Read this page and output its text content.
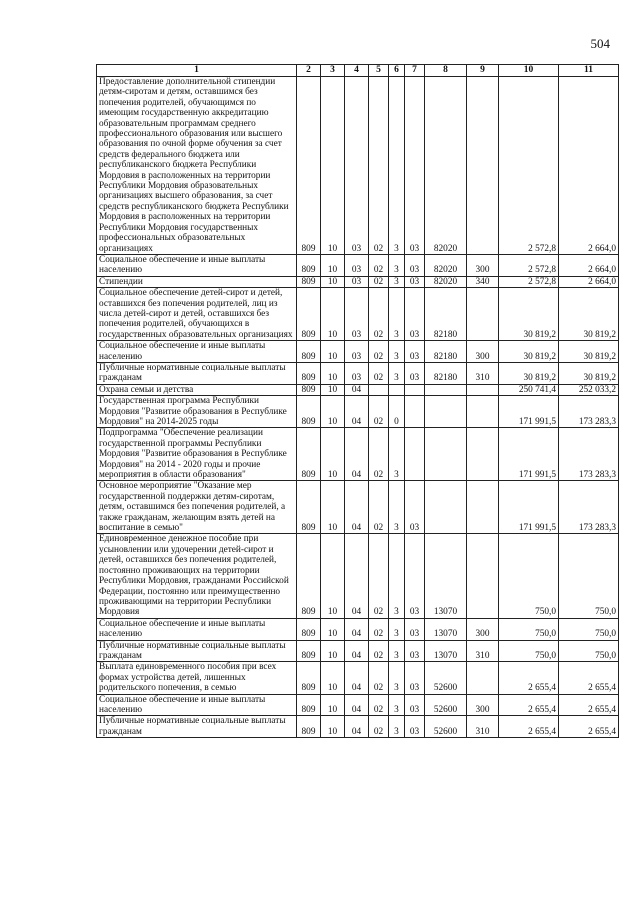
504
1	2	3	4	5	6	7	8	9	10	11
Предоставление дополнительной стипендии детям-сиротам и детям, оставшимся без попечения родителей, обучающимся по имеющим государственную аккредитацию образовательным программам среднего профессионального образования или высшего образования по очной форме обучения за счет средств федерального бюджета или республиканского бюджета Республики Мордовия в расположенных на территории Республики Мордовия образовательных организациях высшего образования, за счет средств республиканского бюджета Республики Мордовия в расположенных на территории Республики Мордовия государственных профессиональных образовательных организациях	809	10	03	02	3	03	82020		2 572,8	2 664,0
Социальное обеспечение и иные выплаты населению	809	10	03	02	3	03	82020	300	2 572,8	2 664,0
Стипендии	809	10	03	02	3	03	82020	340	2 572,8	2 664,0
Социальное обеспечение детей-сирот и детей, оставшихся без попечения родителей, лиц из числа детей-сирот и детей, оставшихся без попечения родителей, обучающихся в государственных образовательных организациях	809	10	03	02	3	03	82180		30 819,2	30 819,2
Социальное обеспечение и иные выплаты населению	809	10	03	02	3	03	82180	300	30 819,2	30 819,2
Публичные нормативные социальные выплаты гражданам	809	10	03	02	3	03	82180	310	30 819,2	30 819,2
Охрана семьи и детства	809	10	04						250 741,4	252 033,2
Государственная программа Республики Мордовия "Развитие образования в Республике Мордовия" на 2014-2025 годы	809	10	04	02	0				171 991,5	173 283,3
Подпрограмма "Обеспечение реализации государственной программы Республики Мордовия "Развитие образования в Республике Мордовия" на 2014 - 2020 годы и прочие мероприятия в области образования"	809	10	04	02	3				171 991,5	173 283,3
Основное мероприятие "Оказание мер государственной поддержки детям-сиротам, детям, оставшимся без попечения родителей, а также гражданам, желающим взять детей на воспитание в семью"	809	10	04	02	3	03			171 991,5	173 283,3
Единовременное денежное пособие при усыновлении или удочерении детей-сирот и детей, оставшихся без попечения родителей, постоянно проживающих на территории Республики Мордовия, гражданами Российской Федерации, постоянно или преимущественно проживающими на территории Республики Мордовия	809	10	04	02	3	03	13070		750,0	750,0
Социальное обеспечение и иные выплаты населению	809	10	04	02	3	03	13070	300	750,0	750,0
Публичные нормативные социальные выплаты гражданам	809	10	04	02	3	03	13070	310	750,0	750,0
Выплата единовременного пособия при всех формах устройства детей, лишенных родительского попечения, в семью	809	10	04	02	3	03	52600		2 655,4	2 655,4
Социальное обеспечение и иные выплаты населению	809	10	04	02	3	03	52600	300	2 655,4	2 655,4
Публичные нормативные социальные выплаты гражданам	809	10	04	02	3	03	52600	310	2 655,4	2 655,4
